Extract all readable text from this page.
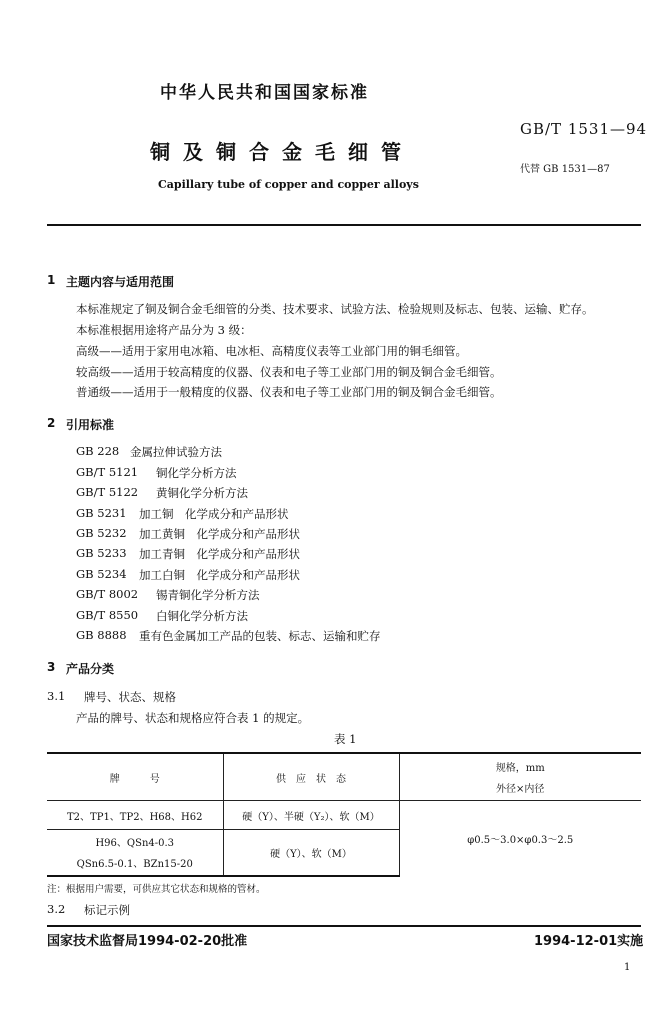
中华人民共和国国家标准
GB/T 1531—94
铜及铜合金毛细管
代替 GB 1531—87
Capillary tube of copper and copper alloys
1 主题内容与适用范围
本标准规定了铜及铜合金毛细管的分类、技术要求、试验方法、检验规则及标志、包装、运输、贮存。
本标准根据用途将产品分为 3 级：
高级——适用于家用电冰箱、电冰柜、高精度仪表等工业部门用的铜毛细管。
较高级——适用于较高精度的仪器、仪表和电子等工业部门用的铜及铜合金毛细管。
普通级——适用于一般精度的仪器、仪表和电子等工业部门用的铜及铜合金毛细管。
2 引用标准
GB 228 金属拉伸试验方法
GB/T 5121 铜化学分析方法
GB/T 5122 黄铜化学分析方法
GB 5231 加工铜　化学成分和产品形状
GB 5232 加工黄铜　化学成分和产品形状
GB 5233 加工青铜　化学成分和产品形状
GB 5234 加工白铜　化学成分和产品形状
GB/T 8002 锡青铜化学分析方法
GB/T 8550 白铜化学分析方法
GB 8888 重有色金属加工产品的包装、标志、运输和贮存
3 产品分类
3.1 牌号、状态、规格
产品的牌号、状态和规格应符合表 1 的规定。
表 1
牌　　　号	供　应　状　态	规格，mm
外径×内径

T2、TP1、TP2、H68、H62	硬（Y）、半硬（Y₂）、软（M）	φ0.5～3.0×φ0.3～2.5

H96、QSn4-0.3
QSn6.5-0.1、BZn15-20	硬（Y）、软（M）	
注：根据用户需要，可供应其它状态和规格的管材。
3.2 标记示例
国家技术监督局1994-02-20批准	1994-12-01实施
1
